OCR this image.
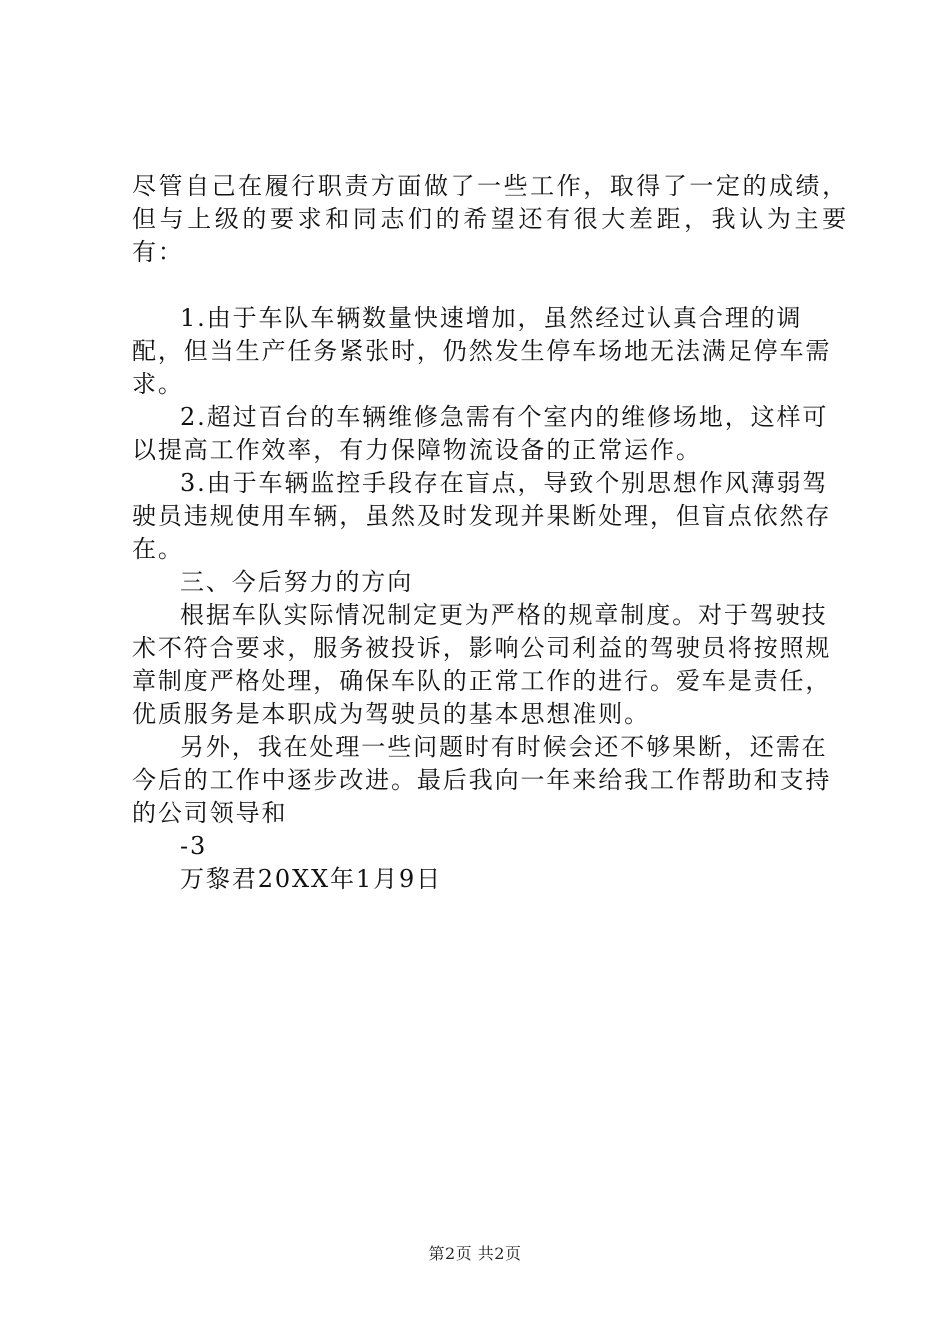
尽管自己在履行职责方面做了一些工作，取得了一定的成绩，但与上级的要求和同志们的希望还有很大差距，我认为主要有：

1.由于车队车辆数量快速增加，虽然经过认真合理的调配，但当生产任务紧张时，仍然发生停车场地无法满足停车需求。

2.超过百台的车辆维修急需有个室内的维修场地，这样可以提高工作效率，有力保障物流设备的正常运作。

3.由于车辆监控手段存在盲点，导致个别思想作风薄弱驾驶员违规使用车辆，虽然及时发现并果断处理，但盲点依然存在。

三、今后努力的方向

根据车队实际情况制定更为严格的规章制度。对于驾驶技术不符合要求，服务被投诉，影响公司利益的驾驶员将按照规章制度严格处理，确保车队的正常工作的进行。爱车是责任，优质服务是本职成为驾驶员的基本思想准则。

另外，我在处理一些问题时有时候会还不够果断，还需在今后的工作中逐步改进。最后我向一年来给我工作帮助和支持的公司领导和

-3

万黎君20XX年1月9日

第2页 共2页
